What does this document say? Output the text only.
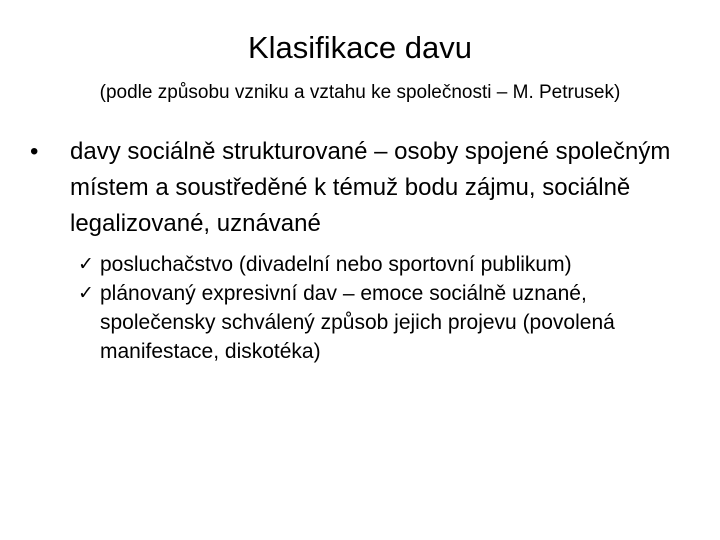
Klasifikace davu
(podle způsobu vzniku a vztahu ke společnosti – M. Petrusek)
•	davy sociálně strukturované – osoby spojené společným místem a soustředěné k témuž bodu zájmu, sociálně legalizované, uznávané
✓ posluchačstvo (divadelní nebo sportovní publikum)
✓ plánovaný expresivní dav – emoce sociálně uznané, společensky schválený způsob jejich projevu (povolená manifestace, diskotéka)
